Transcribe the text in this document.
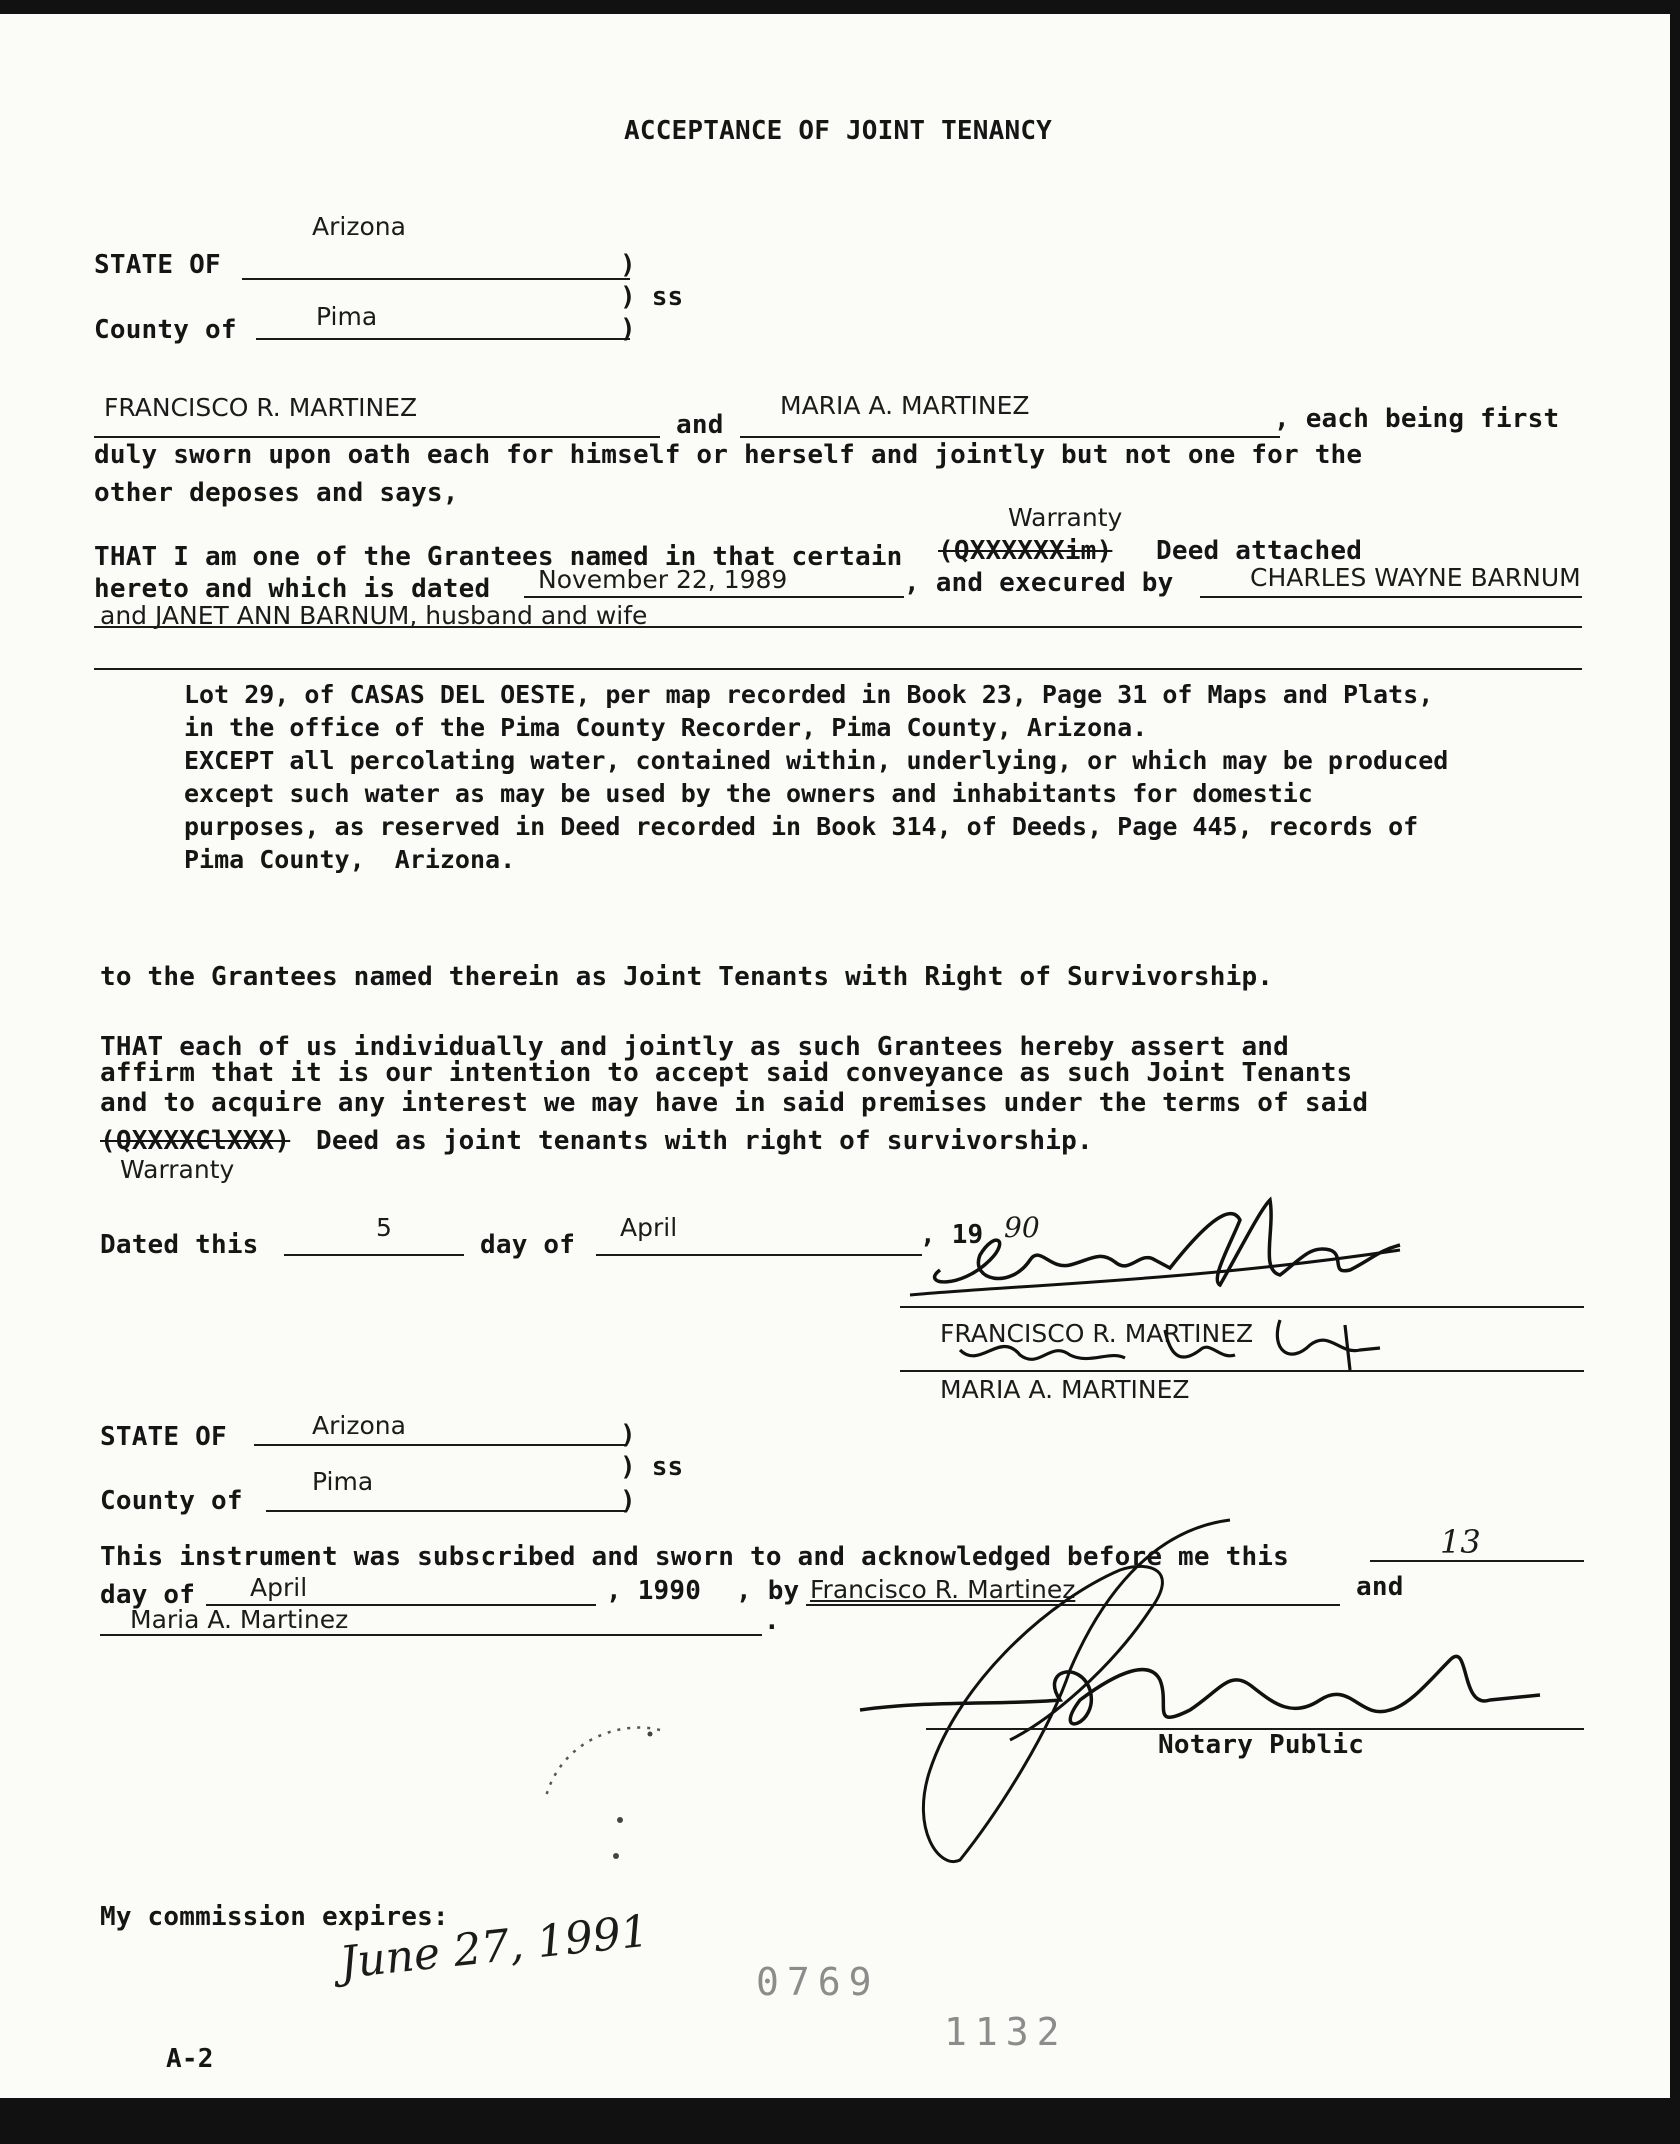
ACCEPTANCE OF JOINT TENANCY
Arizona
STATE OF	)
) ss
Pima
County of	)
FRANCISCO R. MARTINEZ
and
MARIA A. MARTINEZ	, each being first
duly sworn upon oath each for himself or herself and jointly but not one for the
other deposes and says,
Warranty
THAT I am one of the Grantees named in that certain (QXXXXXXim) Deed attached
hereto and which is dated November 22, 1989	, and execured by	CHARLES WAYNE BARNUM
and JANET ANN BARNUM, husband and wife
Lot 29, of CASAS DEL OESTE, per map recorded in Book 23, Page 31 of Maps and Plats,
in the office of the Pima County Recorder, Pima County, Arizona.
EXCEPT all percolating water, contained within, underlying, or which may be produced
except such water as may be used by the owners and inhabitants for domestic
purposes, as reserved in Deed recorded in Book 314, of Deeds, Page 445, records of
Pima County,  Arizona.
to the Grantees named therein as Joint Tenants with Right of Survivorship.
THAT each of us individually and jointly as such Grantees hereby assert and
affirm that it is our intention to accept said conveyance as such Joint Tenants
and to acquire any interest we may have in said premises under the terms of said
(QXXXXClXXX) Deed as joint tenants with right of survivorship.
Warranty
Dated this
5
day of
April	, 19 90
FRANCISCO R. MARTINEZ
MARIA A. MARTINEZ
STATE OF	Arizona	)
) ss
Pima
County of	)
This instrument was subscribed and sworn to and acknowledged before me this	13
day of April	, 1990 , by Francisco R. Martinez	and
Maria A. Martinez	.
Notary Public
My commission expires:
June 27, 1991
A-2
0769
1132
